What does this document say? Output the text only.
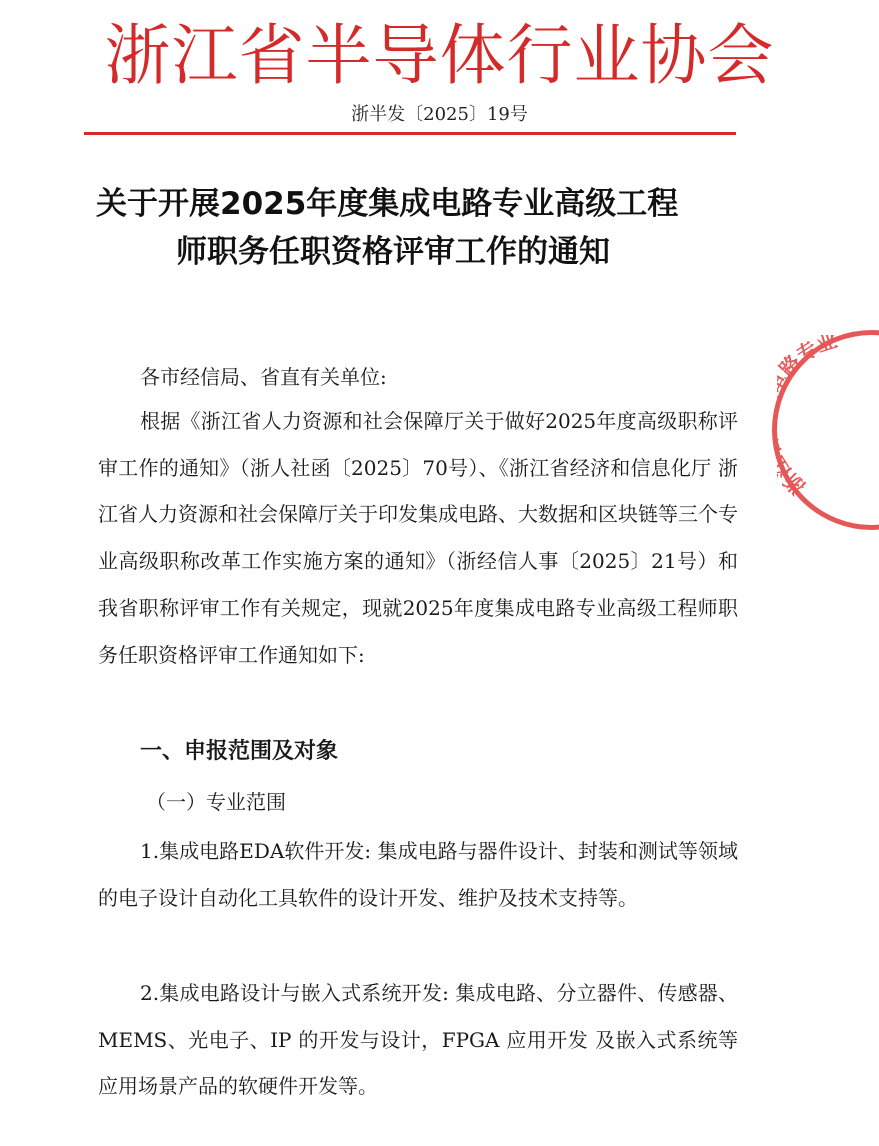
浙江省半导体行业协会
浙半发〔2025〕19号
关于开展2025年度集成电路专业高级工程
师职务任职资格评审工作的通知
各市经信局、省直有关单位:
根据《浙江省人力资源和社会保障厅关于做好2025年度高级职称评审工作的通知》（浙人社函〔2025〕70号）、《浙江省经济和信息化厅 浙江省人力资源和社会保障厅关于印发集成电路、大数据和区块链等三个专业高级职称改革工作实施方案的通知》（浙经信人事〔2025〕21号）和我省职称评审工作有关规定，现就2025年度集成电路专业高级工程师职务任职资格评审工作通知如下:
一、申报范围及对象
（一）专业范围
1.集成电路EDA软件开发: 集成电路与器件设计、封装和测试等领域的电子设计自动化工具软件的设计开发、维护及技术支持等。
2.集成电路设计与嵌入式系统开发: 集成电路、分立器件、传感器、MEMS、光电子、IP 的开发与设计，FPGA 应用开发 及嵌入式系统等应用场景产品的软硬件开发等。
浙 路专业
